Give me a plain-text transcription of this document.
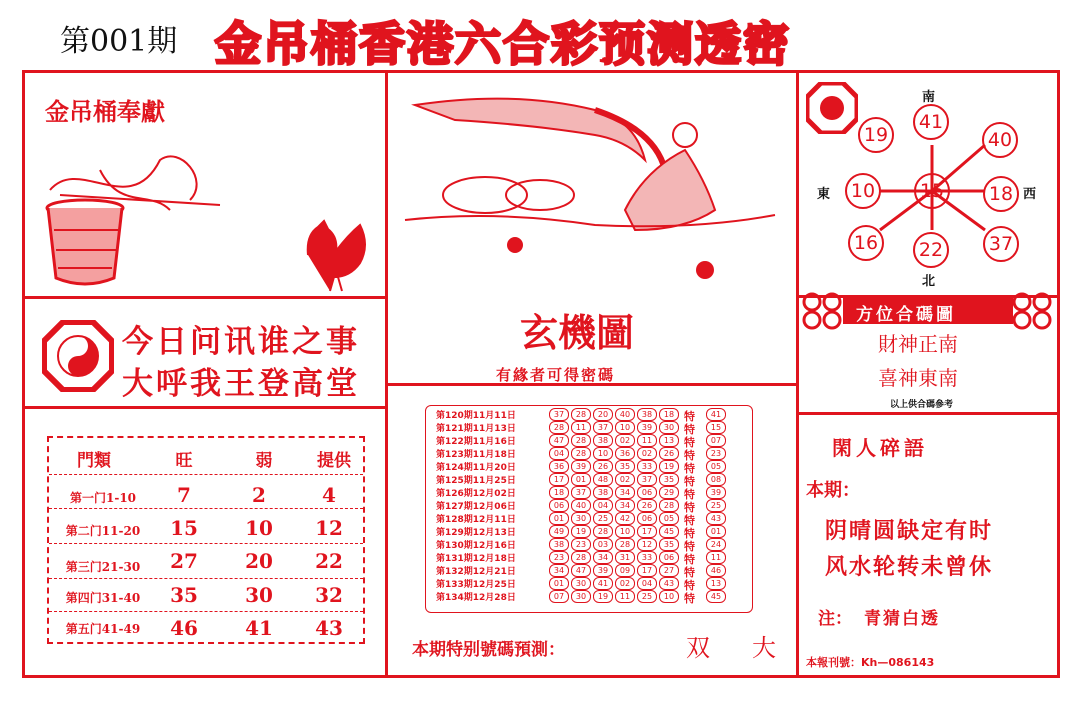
第001期 金吊桶香港六合彩预测透密
金吊桶奉獻
今日问讯谁之事
大呼我王登高堂
門類	旺	弱	提供
第一门1-10	7	2	4
第二门11-20	15	10	12
第三门21-30	27	20	22
第四门31-40	35	30	32
第五门41-49	46	41	43
玄機圖
有緣者可得密碼
第120期11月11日	37	28	20	40	38	18 特	41
第121期11月13日	28	11	37	10	39	30 特	15
第122期11月16日	47	28	38	02	11	13 特	07
第123期11月18日	04	28	10	36	02	26 特	23
第124期11月20日	36	39	26	35	33	19 特	05
第125期11月25日	17	01	48	02	37	35 特	08
第126期12月02日	18	37	38	34	06	29 特	39
第127期12月06日	06	40	04	34	26	28 特	25
第128期12月11日	01	30	25	42	06	05 特	43
第129期12月13日	49	19	28	10	17	45 特	01
第130期12月16日	38	23	03	28	12	35 特	24
第131期12月18日	23	28	34	31	33	06 特	11
第132期12月21日	34	47	39	09	17	27 特	46
第133期12月25日	01	30	41	02	04	43 特	13
第134期12月28日	07	30	19	11	25	10 特	45
本期特别號碼預測：	双 大
41
19	40
10	15	18
16	22	37
南
北
東	西
方位合碼圖
財神正南
喜神東南
以上供合碼參考
閑人碎語
本期：
阴晴圆缺定有时
风水轮转未曾休
注： 青猜白透
本報刊號：Kh—086143
